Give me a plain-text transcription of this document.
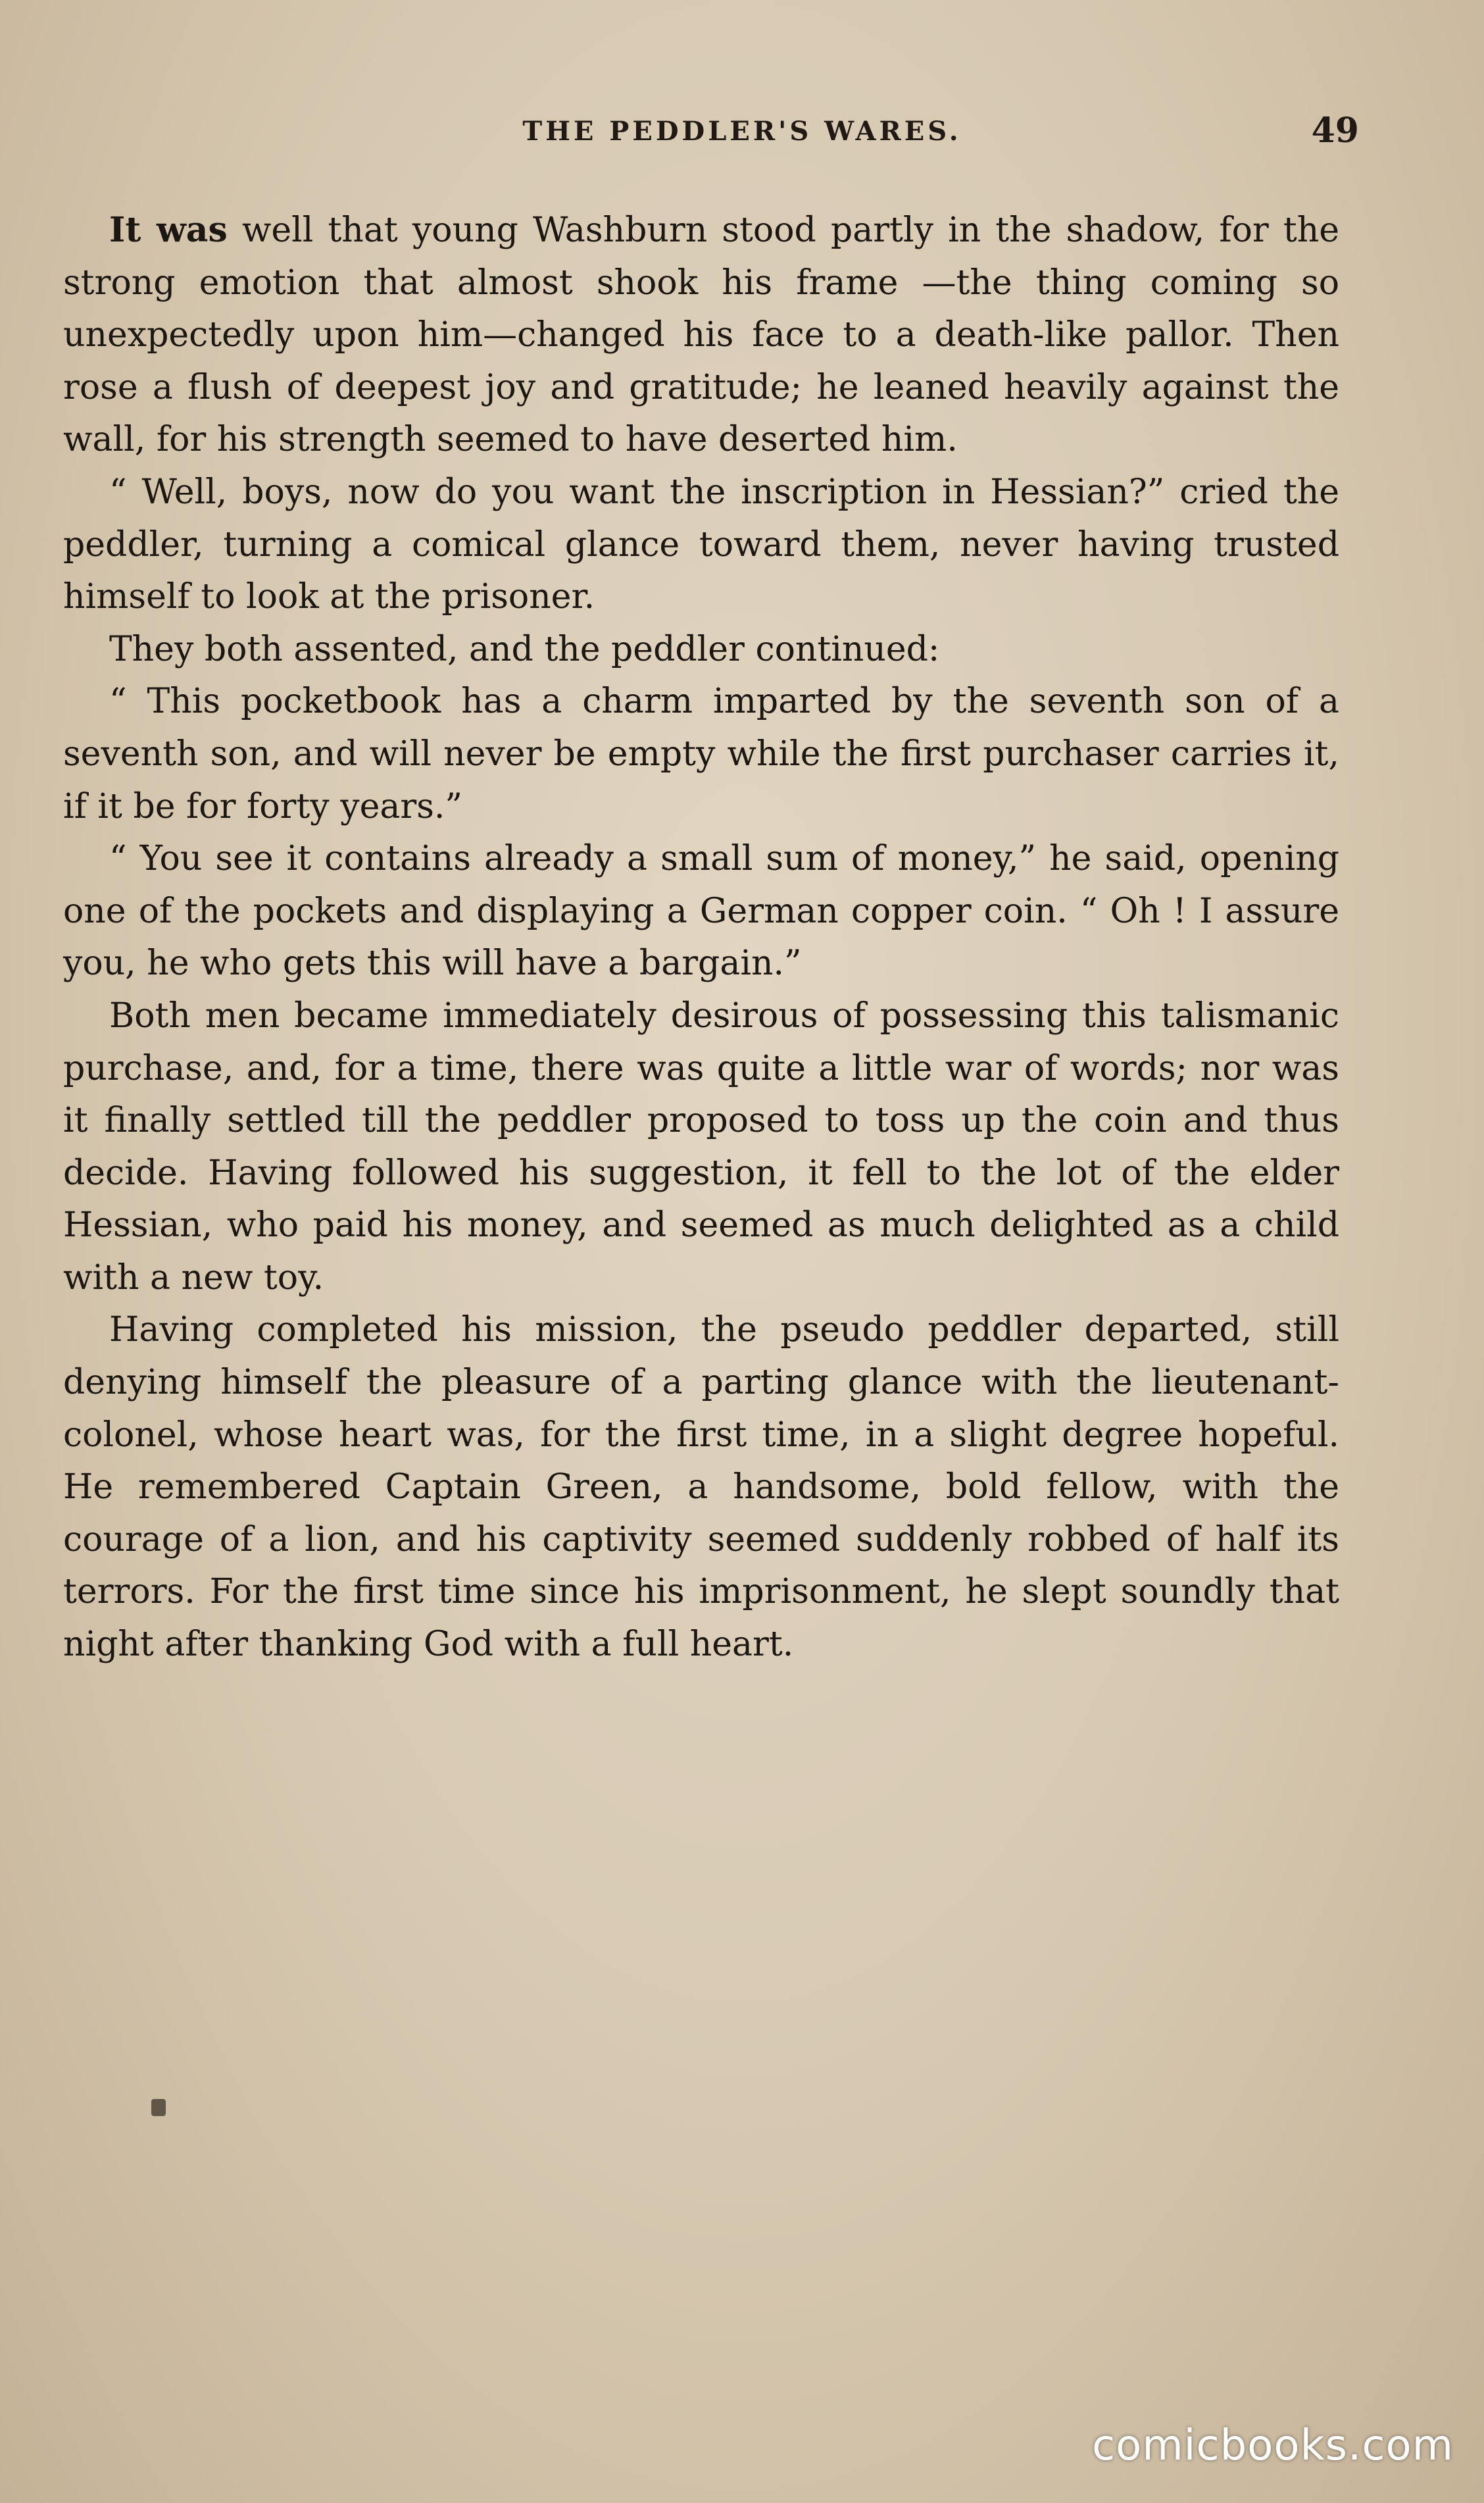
THE PEDDLER'S WARES.	49

It was well that young Washburn stood partly in the shadow, for the strong emotion that almost shook his frame —the thing coming so unexpectedly upon him—changed his face to a death-like pallor. Then rose a flush of deepest joy and gratitude; he leaned heavily against the wall, for his strength seemed to have deserted him.

“ Well, boys, now do you want the inscription in Hessian?” cried the peddler, turning a comical glance toward them, never having trusted himself to look at the prisoner.

They both assented, and the peddler continued:

“ This pocketbook has a charm imparted by the seventh son of a seventh son, and will never be empty while the first purchaser carries it, if it be for forty years.”

“ You see it contains already a small sum of money,” he said, opening one of the pockets and displaying a German copper coin. “ Oh ! I assure you, he who gets this will have a bargain.”

Both men became immediately desirous of possessing this talismanic purchase, and, for a time, there was quite a little war of words; nor was it finally settled till the peddler proposed to toss up the coin and thus decide. Having followed his suggestion, it fell to the lot of the elder Hessian, who paid his money, and seemed as much delighted as a child with a new toy.

Having completed his mission, the pseudo peddler departed, still denying himself the pleasure of a parting glance with the lieutenant-colonel, whose heart was, for the first time, in a slight degree hopeful. He remembered Captain Green, a handsome, bold fellow, with the courage of a lion, and his captivity seemed suddenly robbed of half its terrors. For the first time since his imprisonment, he slept soundly that night after thanking God with a full heart.

comicbooks.com
